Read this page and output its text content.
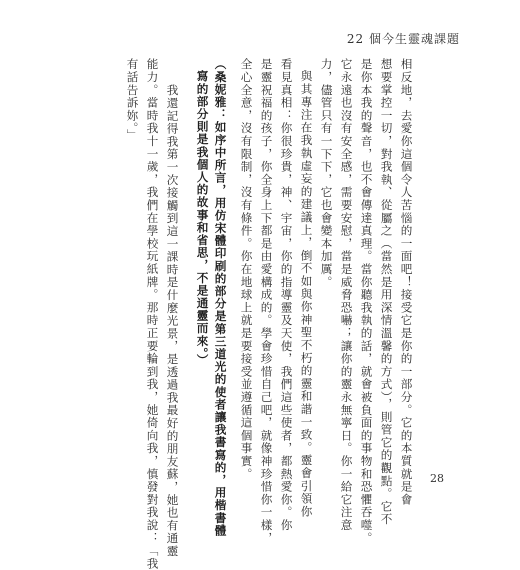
22 個今生靈魂課題
相反地，去愛你這個令人苦惱的一面吧！接受它是你的一部分。它的本質就是會
想要掌控一切，對我執、從屬之（當然是用深情溫馨的方式），則管它的觀點。它不
是你本我的聲音，也不會傳達真理。當你聽我執的話，就會被負面的事物和恐懼吞噬。
它永遠也沒有安全感，需要安慰，當是威脅恐嚇；讓你的靈永無寧日。你一給它注意
力，儘管只有一下下，它也會變本加厲。
與其專注在我執虛妄的建議上，倒不如與你神聖不朽的靈和諧一致。靈會引領你
看見真相：你很珍貴，神、宇宙，你的指導靈及天使，我們這些使者，都熱愛你。你
是靈祝福的孩子，你全身上下都是由愛構成的。學會珍惜自己吧，就像神珍惜你一樣，
全心全意，沒有限制，沒有條件。你在地球上就是要接受並遵循這個事實。
（桑妮雅：如序中所言，用仿宋體印刷的部分是第三道光的使者讓我書寫的，用楷書體
寫的部分則是我個人的故事和省思，不是通靈而來。）
我還記得我第一次接觸到這一課時是什麼光景，是透過我最好的朋友蘇，她也有通靈
能力。當時我十一歲，我們在學校玩紙牌。那時正要輪到我，她倚向我，慎發對我說：「我
有話告訴妳。」
28
